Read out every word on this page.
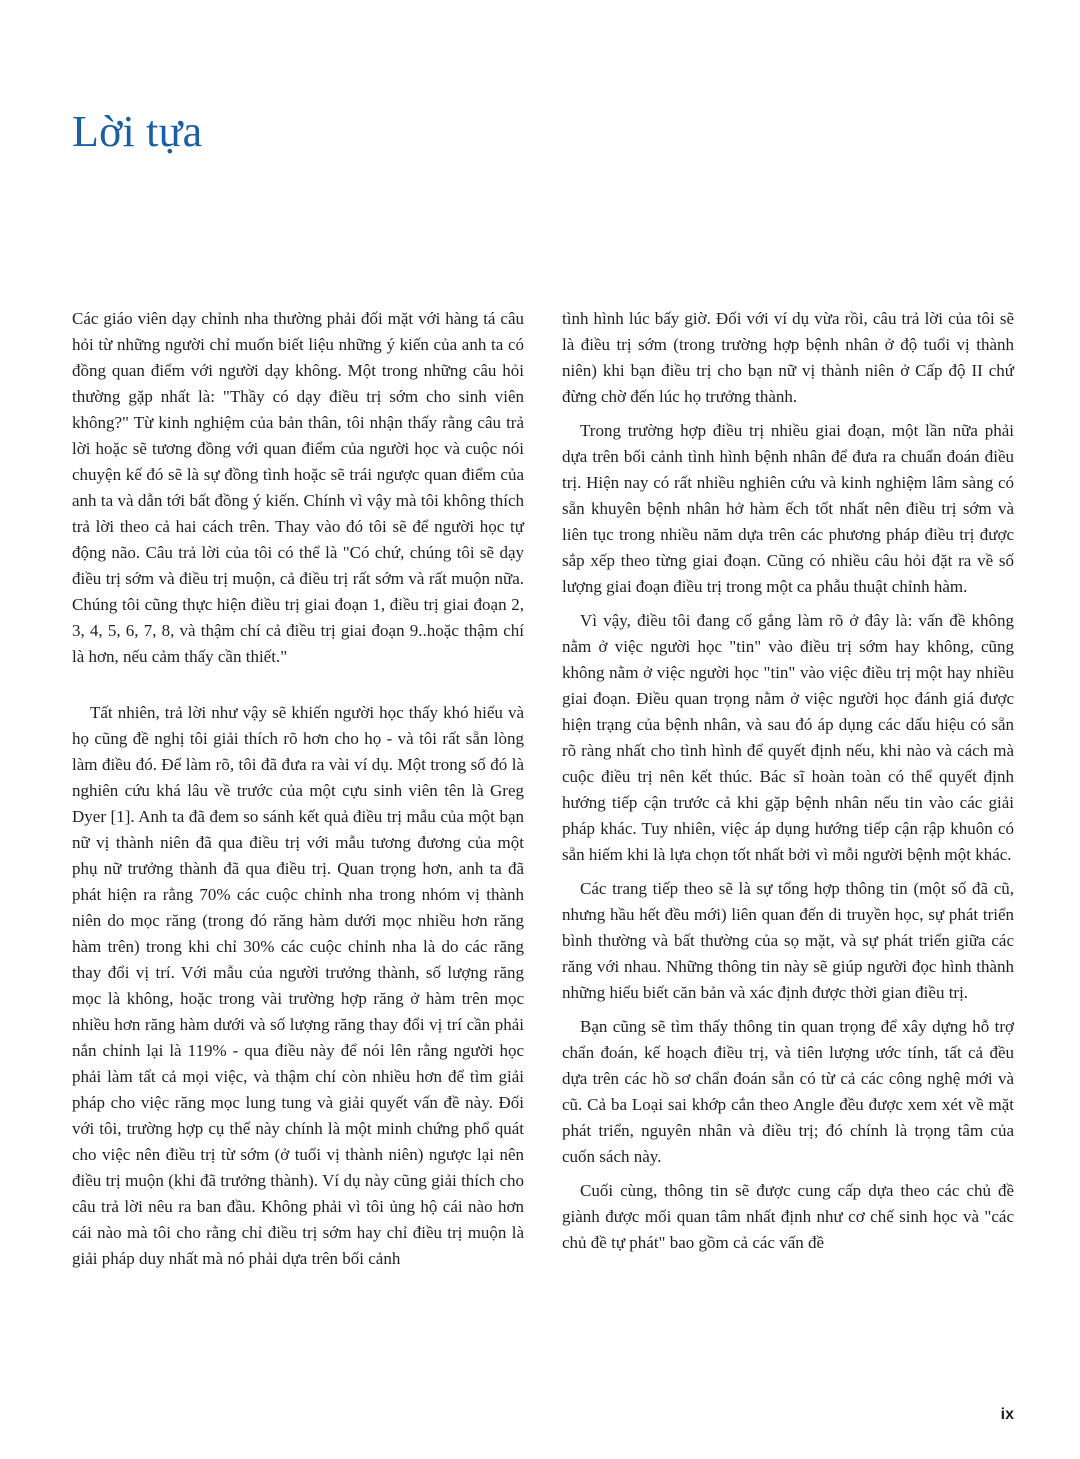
Lời tựa

Các giáo viên dạy chỉnh nha thường phải đối mặt với hàng tá câu hỏi từ những người chỉ muốn biết liệu những ý kiến của anh ta có đồng quan điểm với người dạy không. Một trong những câu hỏi thường gặp nhất là: "Thầy có dạy điều trị sớm cho sinh viên không?" Từ kinh nghiệm của bản thân, tôi nhận thấy rằng câu trả lời hoặc sẽ tương đồng với quan điểm của người học và cuộc nói chuyện kế đó sẽ là sự đồng tình hoặc sẽ trái ngược quan điểm của anh ta và dẫn tới bất đồng ý kiến. Chính vì vậy mà tôi không thích trả lời theo cả hai cách trên. Thay vào đó tôi sẽ để người học tự động não. Câu trả lời của tôi có thể là "Có chứ, chúng tôi sẽ dạy điều trị sớm và điều trị muộn, cả điều trị rất sớm và rất muộn nữa. Chúng tôi cũng thực hiện điều trị giai đoạn 1, điều trị giai đoạn 2, 3, 4, 5, 6, 7, 8, và thậm chí cả điều trị giai đoạn 9..hoặc thậm chí là hơn, nếu cảm thấy cần thiết."

Tất nhiên, trả lời như vậy sẽ khiến người học thấy khó hiểu và họ cũng đề nghị tôi giải thích rõ hơn cho họ - và tôi rất sẵn lòng làm điều đó. Để làm rõ, tôi đã đưa ra vài ví dụ. Một trong số đó là nghiên cứu khá lâu về trước của một cựu sinh viên tên là Greg Dyer [1]. Anh ta đã đem so sánh kết quả điều trị mẫu của một bạn nữ vị thành niên đã qua điều trị với mẫu tương đương của một phụ nữ trưởng thành đã qua điều trị. Quan trọng hơn, anh ta đã phát hiện ra rằng 70% các cuộc chỉnh nha trong nhóm vị thành niên do mọc răng (trong đó răng hàm dưới mọc nhiều hơn răng hàm trên) trong khi chỉ 30% các cuộc chỉnh nha là do các răng thay đổi vị trí. Với mẫu của người trưởng thành, số lượng răng mọc là không, hoặc trong vài trường hợp răng ở hàm trên mọc nhiều hơn răng hàm dưới và số lượng răng thay đổi vị trí cần phải nắn chỉnh lại là 119% - qua điều này để nói lên rằng người học phải làm tất cả mọi việc, và thậm chí còn nhiều hơn để tìm giải pháp cho việc răng mọc lung tung và giải quyết vấn đề này. Đối với tôi, trường hợp cụ thể này chính là một minh chứng phổ quát cho việc nên điều trị từ sớm (ở tuổi vị thành niên) ngược lại nên điều trị muộn (khi đã trưởng thành). Ví dụ này cũng giải thích cho câu trả lời nêu ra ban đầu. Không phải vì tôi ủng hộ cái nào hơn cái nào mà tôi cho rằng chỉ điều trị sớm hay chỉ điều trị muộn là giải pháp duy nhất mà nó phải dựa trên bối cảnh

tình hình lúc bấy giờ. Đối với ví dụ vừa rồi, câu trả lời của tôi sẽ là điều trị sớm (trong trường hợp bệnh nhân ở độ tuổi vị thành niên) khi bạn điều trị cho bạn nữ vị thành niên ở Cấp độ II chứ đừng chờ đến lúc họ trưởng thành.

Trong trường hợp điều trị nhiều giai đoạn, một lần nữa phải dựa trên bối cảnh tình hình bệnh nhân để đưa ra chuẩn đoán điều trị. Hiện nay có rất nhiều nghiên cứu và kinh nghiệm lâm sàng có sẵn khuyên bệnh nhân hở hàm ếch tốt nhất nên điều trị sớm và liên tục trong nhiều năm dựa trên các phương pháp điều trị được sắp xếp theo từng giai đoạn. Cũng có nhiều câu hỏi đặt ra về số lượng giai đoạn điều trị trong một ca phẫu thuật chỉnh hàm.

Vì vậy, điều tôi đang cố gắng làm rõ ở đây là: vấn đề không nằm ở việc người học "tin" vào điều trị sớm hay không, cũng không nằm ở việc người học "tin" vào việc điều trị một hay nhiều giai đoạn. Điều quan trọng nằm ở việc người học đánh giá được hiện trạng của bệnh nhân, và sau đó áp dụng các dấu hiệu có sẵn rõ ràng nhất cho tình hình để quyết định nếu, khi nào và cách mà cuộc điều trị nên kết thúc. Bác sĩ hoàn toàn có thể quyết định hướng tiếp cận trước cả khi gặp bệnh nhân nếu tin vào các giải pháp khác. Tuy nhiên, việc áp dụng hướng tiếp cận rập khuôn có sẵn hiếm khi là lựa chọn tốt nhất bởi vì mỗi người bệnh một khác.

Các trang tiếp theo sẽ là sự tổng hợp thông tin (một số đã cũ, nhưng hầu hết đều mới) liên quan đến di truyền học, sự phát triển bình thường và bất thường của sọ mặt, và sự phát triển giữa các răng với nhau. Những thông tin này sẽ giúp người đọc hình thành những hiểu biết căn bản và xác định được thời gian điều trị.

Bạn cũng sẽ tìm thấy thông tin quan trọng để xây dựng hỗ trợ chẩn đoán, kế hoạch điều trị, và tiên lượng ước tính, tất cả đều dựa trên các hồ sơ chẩn đoán sẵn có từ cả các công nghệ mới và cũ. Cả ba Loại sai khớp cắn theo Angle đều được xem xét về mặt phát triển, nguyên nhân và điều trị; đó chính là trọng tâm của cuốn sách này.

Cuối cùng, thông tin sẽ được cung cấp dựa theo các chủ đề giành được mối quan tâm nhất định như cơ chế sinh học và "các chủ đề tự phát" bao gồm cả các vấn đề

ix
